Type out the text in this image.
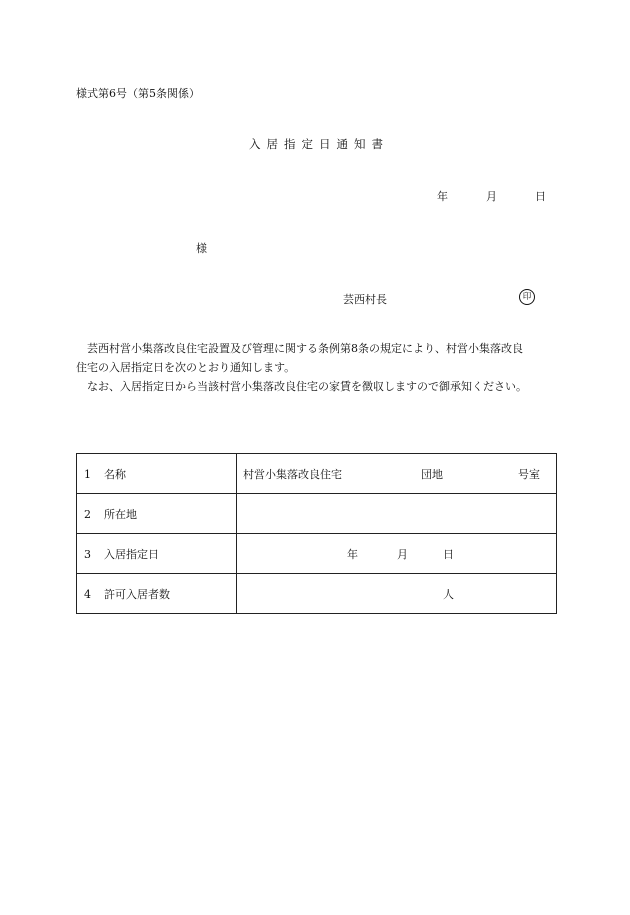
様式第6号（第5条関係）
入居指定日通知書
年	月	日
様
芸西村長	印

　芸西村営小集落改良住宅設置及び管理に関する条例第8条の規定により、村営小集落改良

住宅の入居指定日を次のとおり通知します。

　なお、入居指定日から当該村営小集落改良住宅の家賃を徴収しますので御承知ください。

1 名称	村営小集落改良住宅 団地 号室

2 所在地	
3 入居指定日	年 月 日

4 許可入居者数	人
